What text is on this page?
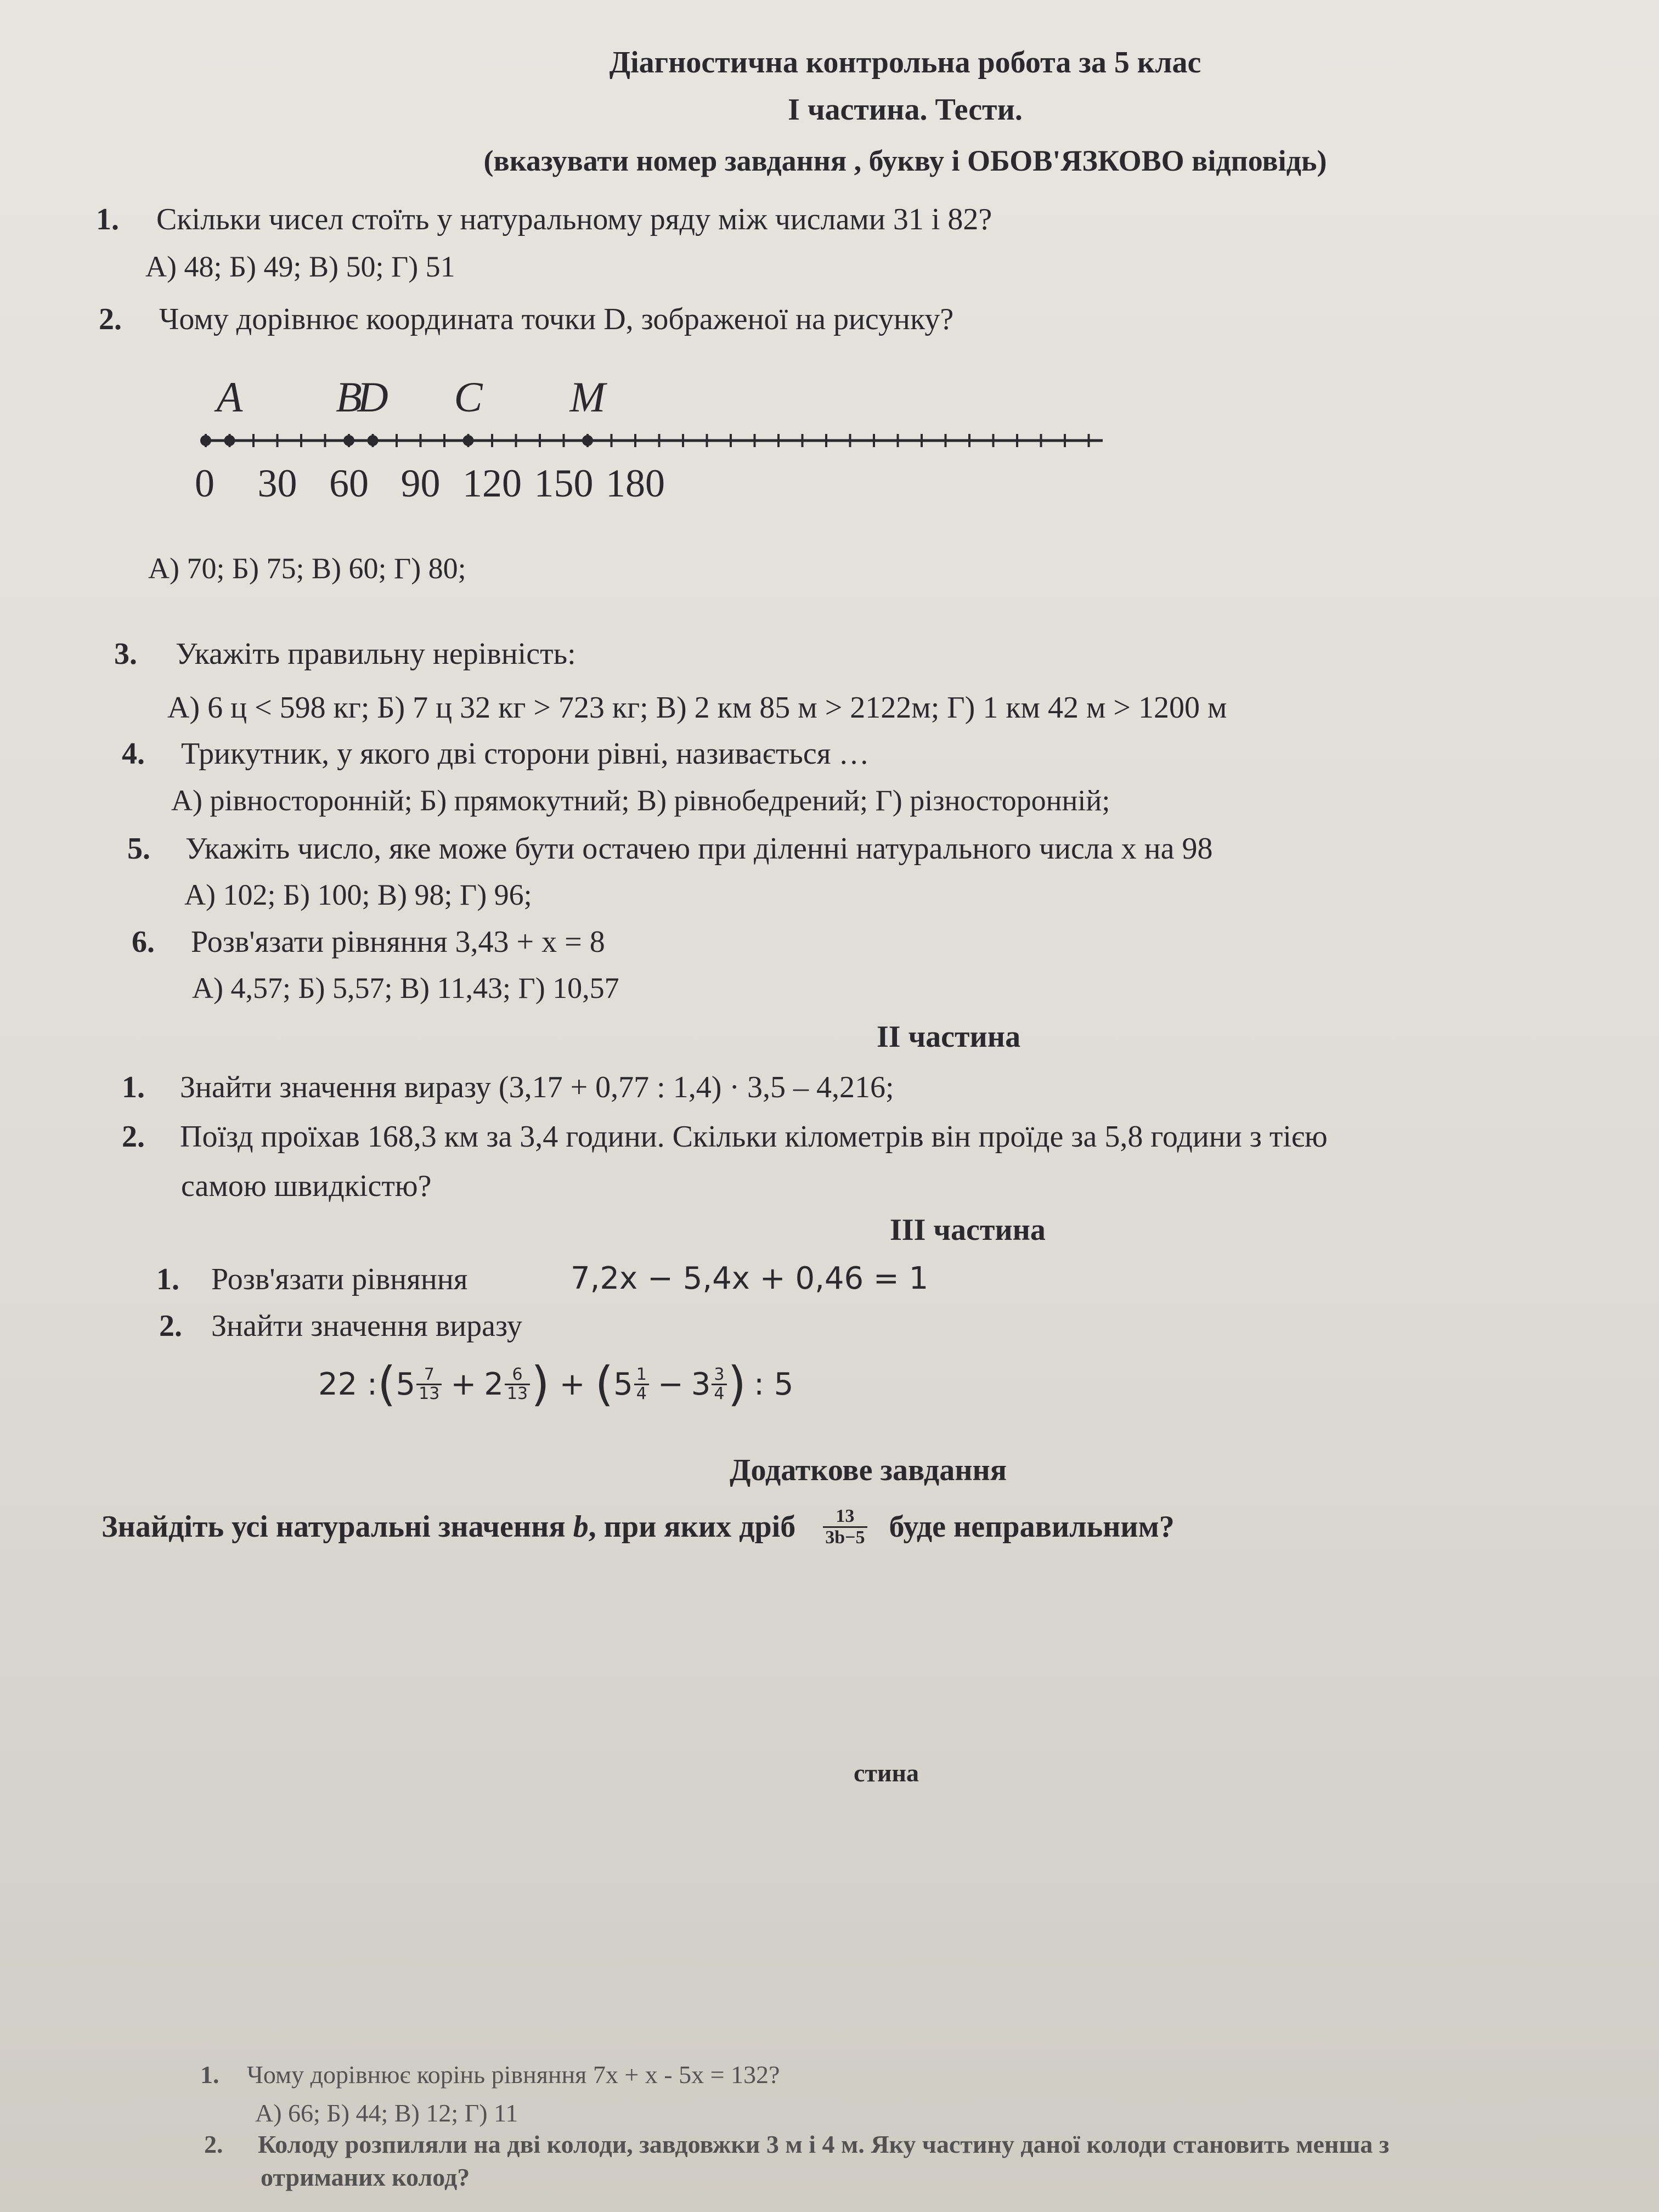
Діагностична контрольна робота за 5 клас
І частина. Тести.
(вказувати номер завдання , букву і ОБОВ'ЯЗКОВО відповідь)
1. Скільки чисел стоїть у натуральному ряду між числами 31 і 82?
А) 48; Б) 49; В) 50; Г) 51
2. Чому дорівнює координата точки D, зображеної на рисунку?
0 30 60 90 120 150 180
A B
D C M
А) 70; Б) 75; В) 60; Г) 80;
3. Укажіть правильну нерівність:
А) 6 ц < 598 кг; Б) 7 ц 32 кг > 723 кг; В) 2 км 85 м > 2122м; Г) 1 км 42 м > 1200 м
4. Трикутник, у якого дві сторони рівні, називається …
А) рівносторонній; Б) прямокутний; В) рівнобедрений; Г) різносторонній;
5. Укажіть число, яке може бути остачею при діленні натурального числа х на 98
А) 102; Б) 100; В) 98; Г) 96;
6. Розв'язати рівняння 3,43 + х = 8
А) 4,57; Б) 5,57; В) 11,43; Г) 10,57
ІІ частина
1. Знайти значення виразу (3,17 + 0,77 : 1,4) · 3,5 – 4,216;
2. Поїзд проїхав 168,3 км за 3,4 години. Скільки кілометрів він проїде за 5,8 години з тією
самою швидкістю?
ІІІ частина
1. Розв'язати рівняння	7,2x − 5,4x + 0,46 = 1
2. Знайти значення виразу
22 : ( $5 \frac{7}{13} + 2 \frac{6}{13}$ ) + ( $5 \frac{1}{4} - 3 \frac{3}{4}$ ) : 5
Додаткове завдання
Знайдіть усі натуральні значення b , при яких дріб $\frac{13}{3b-5}$ буде неправильним?
стина
1. Чому дорівнює корінь рівняння 7х + х - 5х = 132?
А) 66; Б) 44; В) 12; Г) 11
2. Колоду розпиляли на дві колоди, завдовжки 3 м і 4 м. Яку частину даної колоди становить менша з
отриманих колод?
